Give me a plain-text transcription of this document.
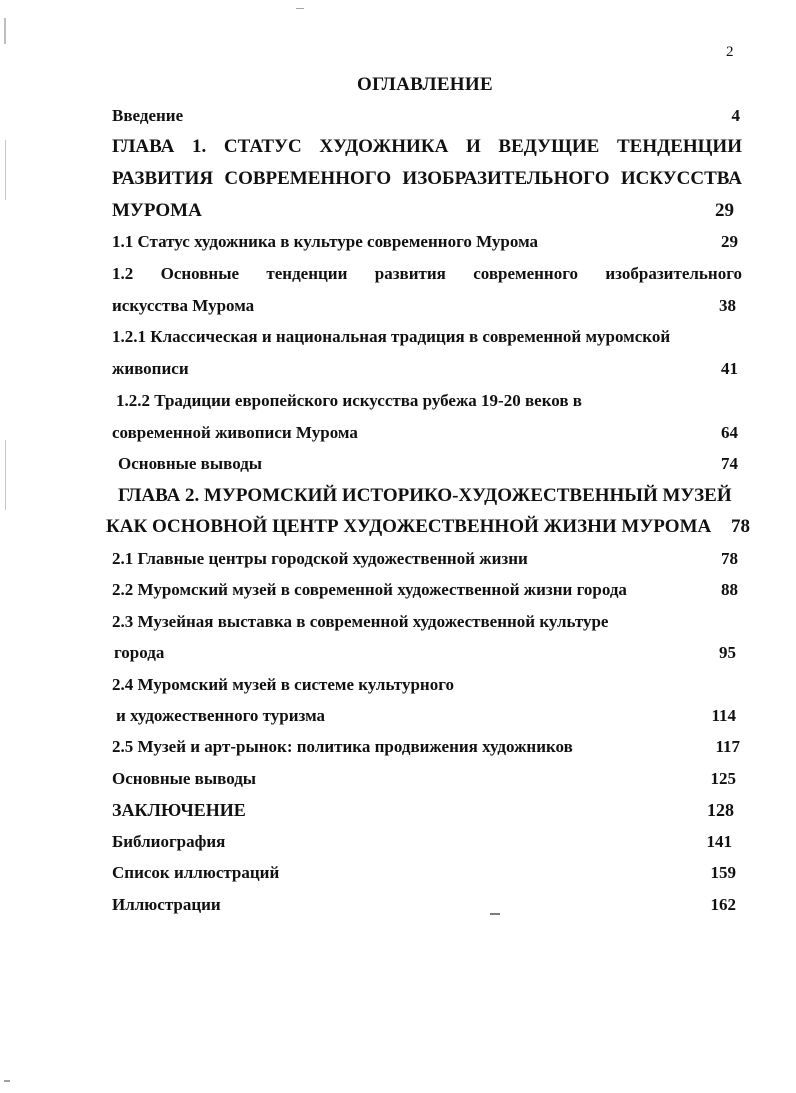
2
ОГЛАВЛЕНИЕ
Введение	4
ГЛАВА 1. СТАТУС ХУДОЖНИКА И ВЕДУЩИЕ ТЕНДЕНЦИИ
РАЗВИТИЯ СОВРЕМЕННОГО ИЗОБРАЗИТЕЛЬНОГО ИСКУССТВА
МУРОМА	29
1.1 Статус художника в культуре современного Мурома	29
1.2 Основные тенденции развития современного изобразительного
искусства Мурома	38
1.2.1 Классическая и национальная традиция в современной муромской
живописи	41
1.2.2 Традиции европейского искусства рубежа 19-20 веков в
современной живописи Мурома	64
Основные выводы	74
ГЛАВА 2. МУРОМСКИЙ ИСТОРИКО-ХУДОЖЕСТВЕННЫЙ МУЗЕЙ
КАК ОСНОВНОЙ ЦЕНТР ХУДОЖЕСТВЕННОЙ ЖИЗНИ МУРОМА 78
2.1 Главные центры городской художественной жизни	78
2.2 Муромский музей в современной художественной жизни города	88
2.3 Музейная выставка в современной художественной культуре
города	95
2.4 Муромский музей в системе культурного
и художественного туризма	114
2.5 Музей и арт-рынок: политика продвижения художников	117
Основные выводы	125
ЗАКЛЮЧЕНИЕ	128
Библиография	141
Список иллюстраций	159
Иллюстрации	162
